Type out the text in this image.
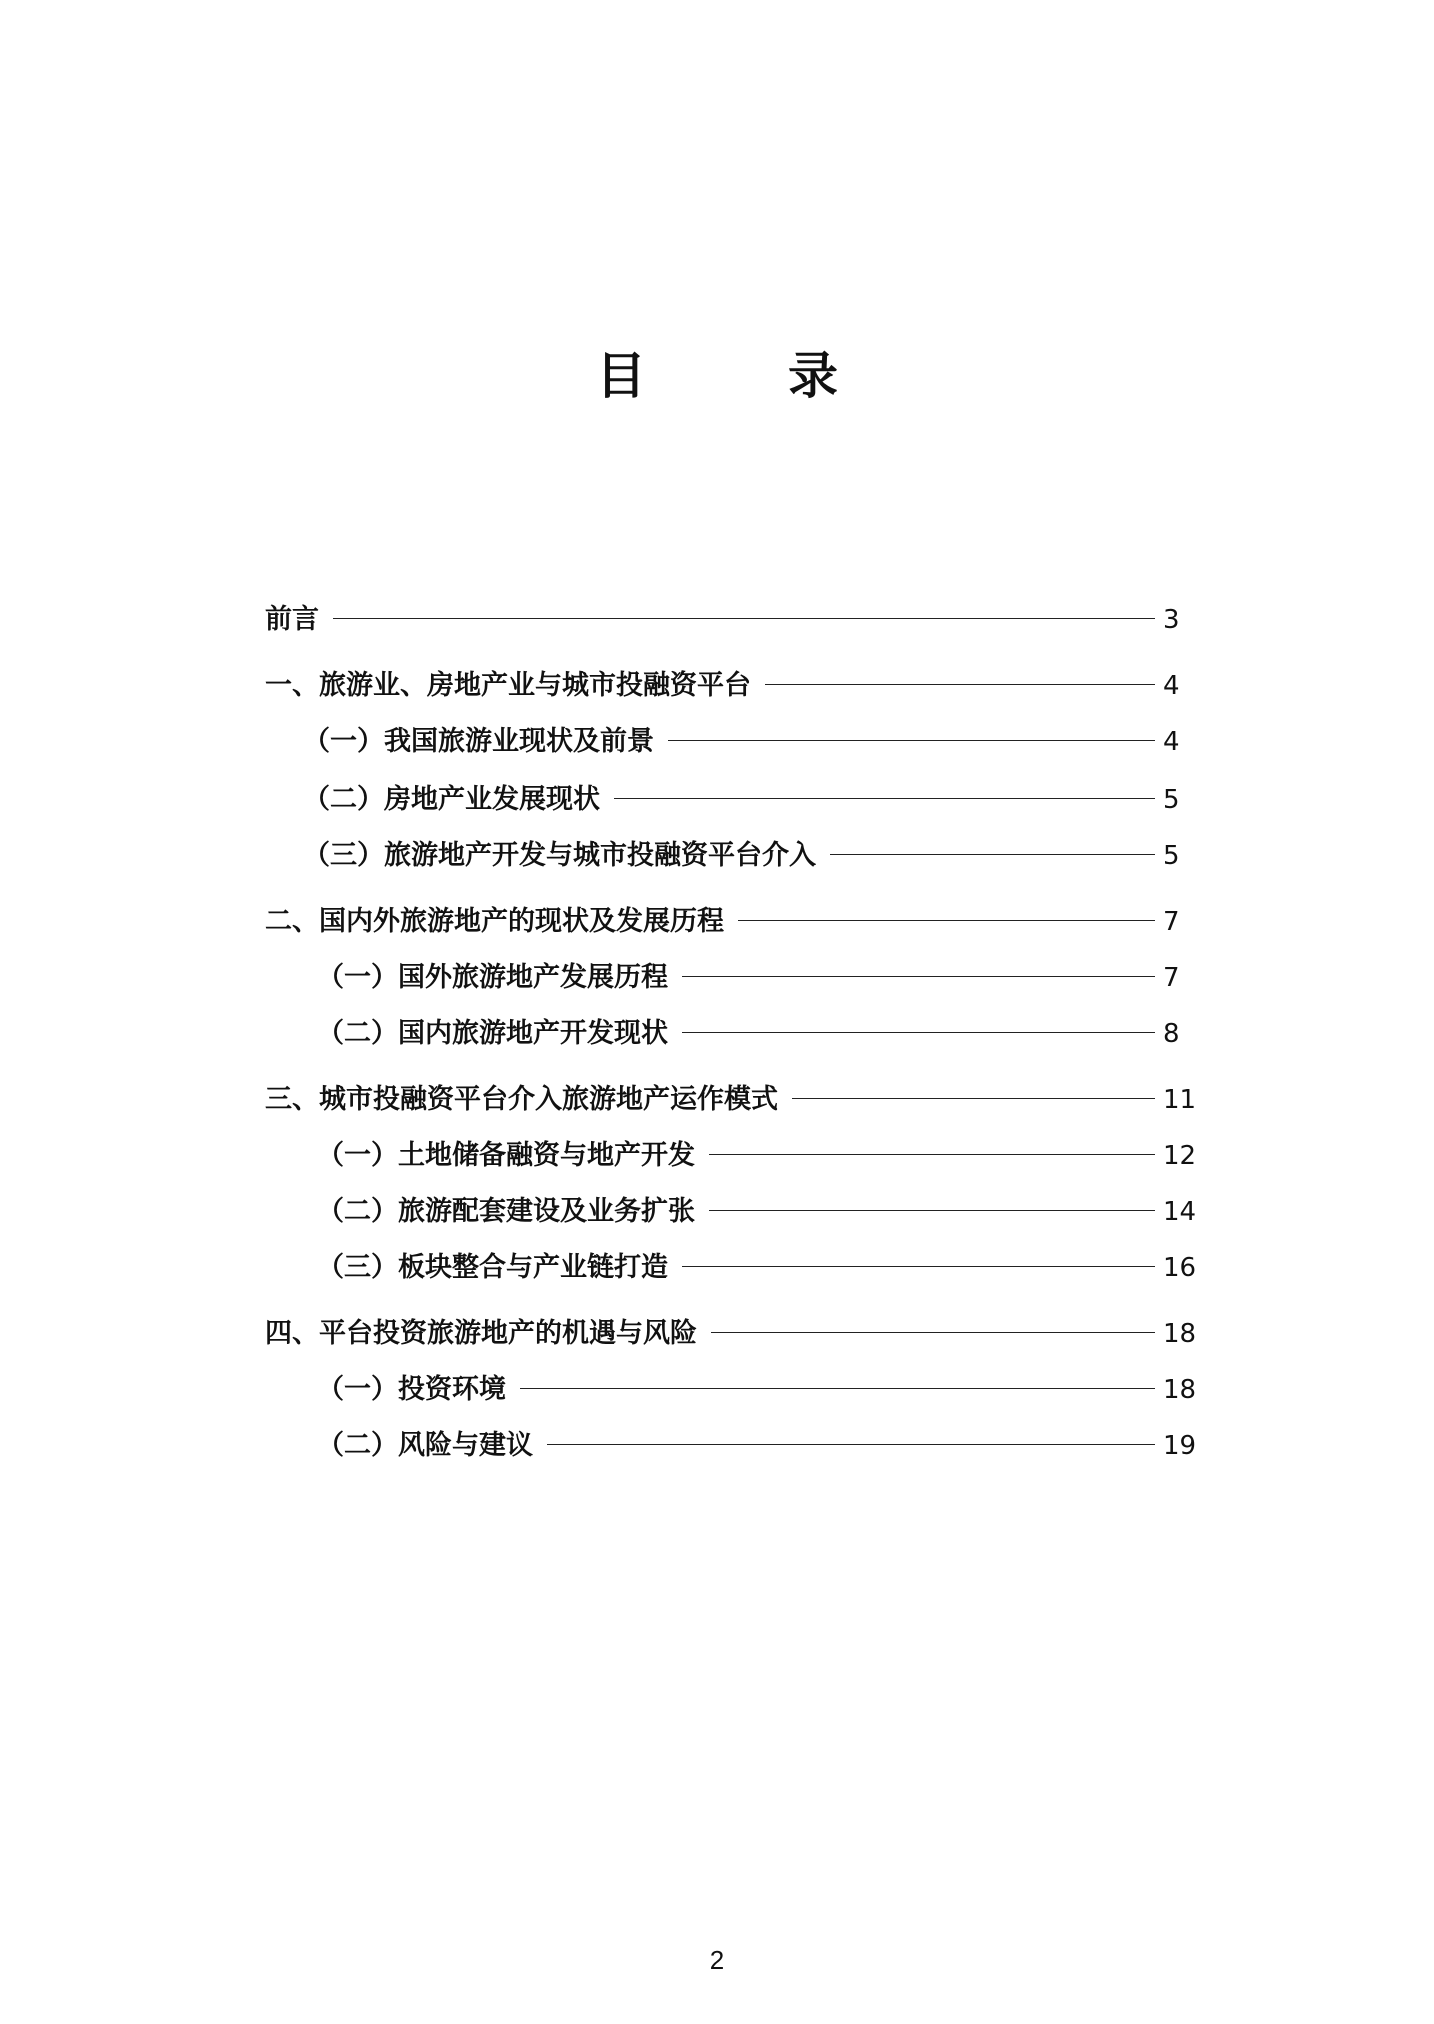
目	录
前言	3
一、旅游业、房地产业与城市投融资平台	4
（一）我国旅游业现状及前景	4
（二）房地产业发展现状	5
（三）旅游地产开发与城市投融资平台介入	5
二、国内外旅游地产的现状及发展历程	7
（一）国外旅游地产发展历程	7
（二）国内旅游地产开发现状	8
三、城市投融资平台介入旅游地产运作模式	11
（一）土地储备融资与地产开发	12
（二）旅游配套建设及业务扩张	14
（三）板块整合与产业链打造	16
四、平台投资旅游地产的机遇与风险	18
（一）投资环境	18
（二）风险与建议	19
2
